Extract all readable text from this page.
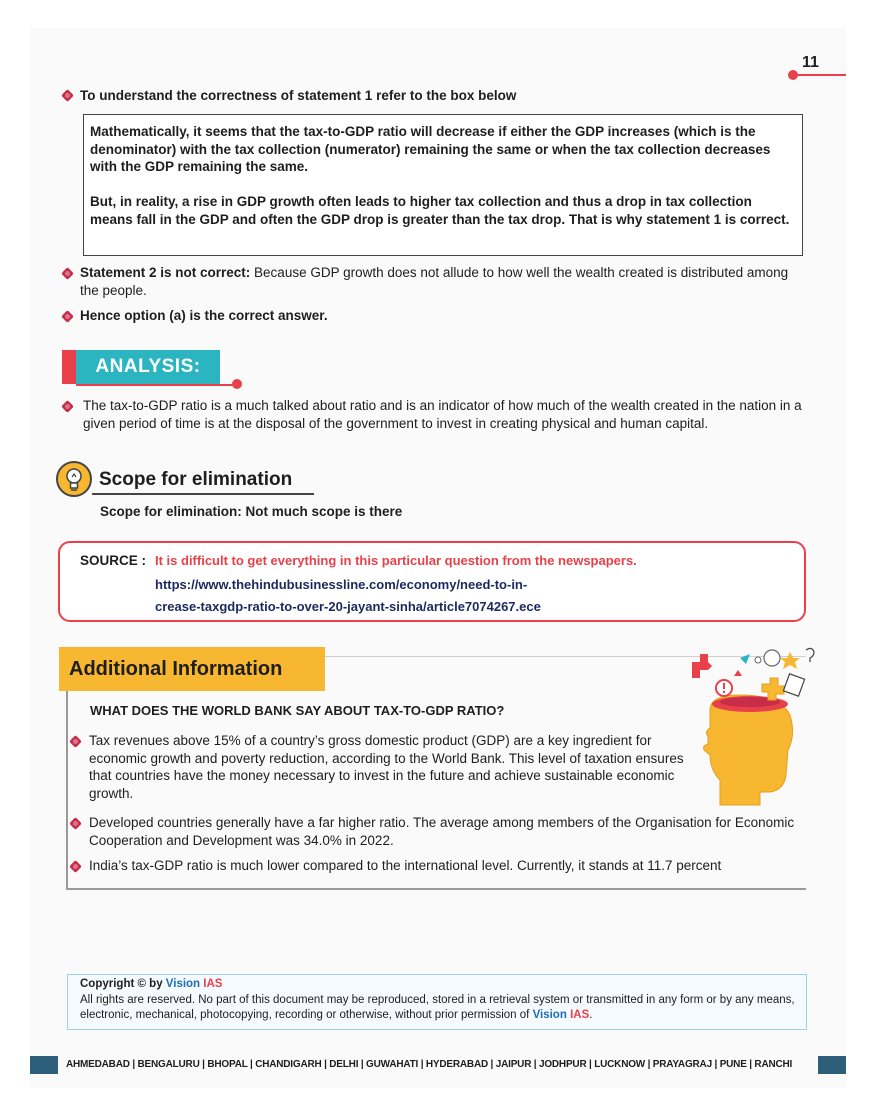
11
To understand the correctness of statement 1 refer to the box below

Mathematically, it seems that the tax-to-GDP ratio will decrease if either the GDP increases (which is the denominator) with the tax collection (numerator) remaining the same or when the tax collection decreases with the GDP remaining the same.

But, in reality, a rise in GDP growth often leads to higher tax collection and thus a drop in tax collection means fall in the GDP and often the GDP drop is greater than the tax drop. That is why statement 1 is correct.

Statement 2 is not correct: Because GDP growth does not allude to how well the wealth created is distributed among the people.
Hence option (a) is the correct answer.
ANALYSIS:
The tax-to-GDP ratio is a much talked about ratio and is an indicator of how much of the wealth created in the nation in a given period of time is at the disposal of the government to invest in creating physical and human capital.
Scope for elimination
Scope for elimination: Not much scope is there
SOURCE : It is difficult to get everything in this particular question from the newspapers.
https://www.thehindubusinessline.com/economy/need-to-in-
crease-taxgdp-ratio-to-over-20-jayant-sinha/article7074267.ece
Additional Information
WHAT DOES THE WORLD BANK SAY ABOUT TAX-TO-GDP RATIO?
Tax revenues above 15% of a country’s gross domestic product (GDP) are a key ingredient for economic growth and poverty reduction, according to the World Bank. This level of taxation ensures that countries have the money necessary to invest in the future and achieve sustainable economic growth.
Developed countries generally have a far higher ratio. The average among members of the Organisation for Economic Cooperation and Development was 34.0% in 2022.
India’s tax-GDP ratio is much lower compared to the international level. Currently, it stands at 11.7 percent
Copyright © by Vision IAS
All rights are reserved. No part of this document may be reproduced, stored in a retrieval system or transmitted in any form or by any means, electronic, mechanical, photocopying, recording or otherwise, without prior permission of Vision IAS.
AHMEDABAD | BENGALURU | BHOPAL | CHANDIGARH | DELHI | GUWAHATI | HYDERABAD | JAIPUR | JODHPUR | LUCKNOW | PRAYAGRAJ | PUNE | RANCHI
